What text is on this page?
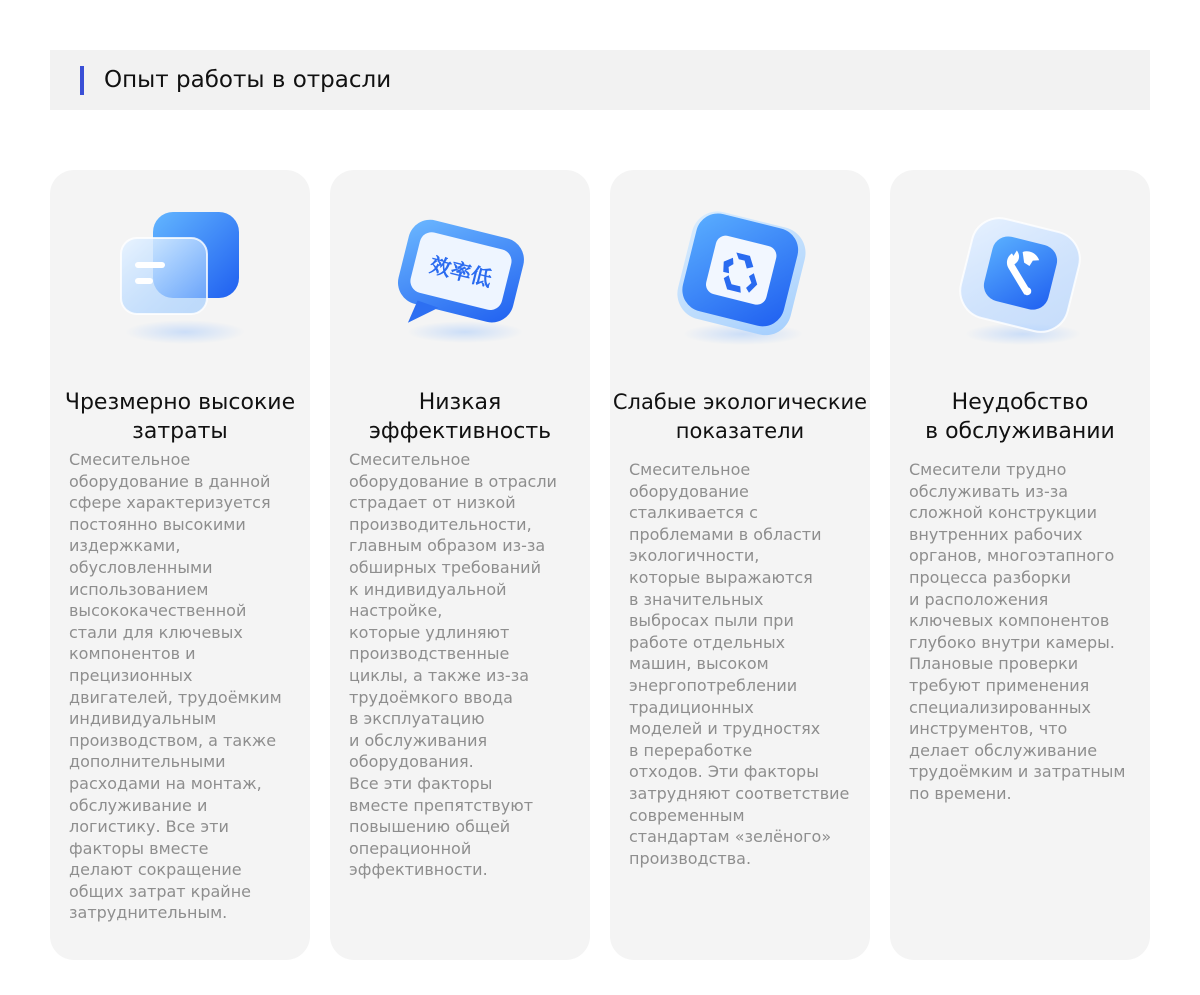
Опыт работы в отрасли
Чрезмерно высокие
затраты
Смесительное
оборудование в данной
сфере характеризуется
постоянно высокими
издержками,
обусловленными
использованием
высококачественной
стали для ключевых
компонентов и
прецизионных
двигателей, трудоёмким
индивидуальным
производством, а также
дополнительными
расходами на монтаж,
обслуживание и
логистику. Все эти
факторы вместе
делают сокращение
общих затрат крайне
затруднительным.
效率低
Низкая
эффективность
Смесительное
оборудование в отрасли
страдает от низкой
производительности,
главным образом из-за
обширных требований
к индивидуальной
настройке,
которые удлиняют
производственные
циклы, а также из-за
трудоёмкого ввода
в эксплуатацию
и обслуживания
оборудования.
Все эти факторы
вместе препятствуют
повышению общей
операционной
эффективности.
Слабые экологические
показатели
Смесительное
оборудование
сталкивается с
проблемами в области
экологичности,
которые выражаются
в значительных
выбросах пыли при
работе отдельных
машин, высоком
энергопотреблении
традиционных
моделей и трудностях
в переработке
отходов. Эти факторы
затрудняют соответствие
современным
стандартам «зелёного»
производства.
Неудобство
в обслуживании
Смесители трудно
обслуживать из-за
сложной конструкции
внутренних рабочих
органов, многоэтапного
процесса разборки
и расположения
ключевых компонентов
глубоко внутри камеры.
Плановые проверки
требуют применения
специализированных
инструментов, что
делает обслуживание
трудоёмким и затратным
по времени.
